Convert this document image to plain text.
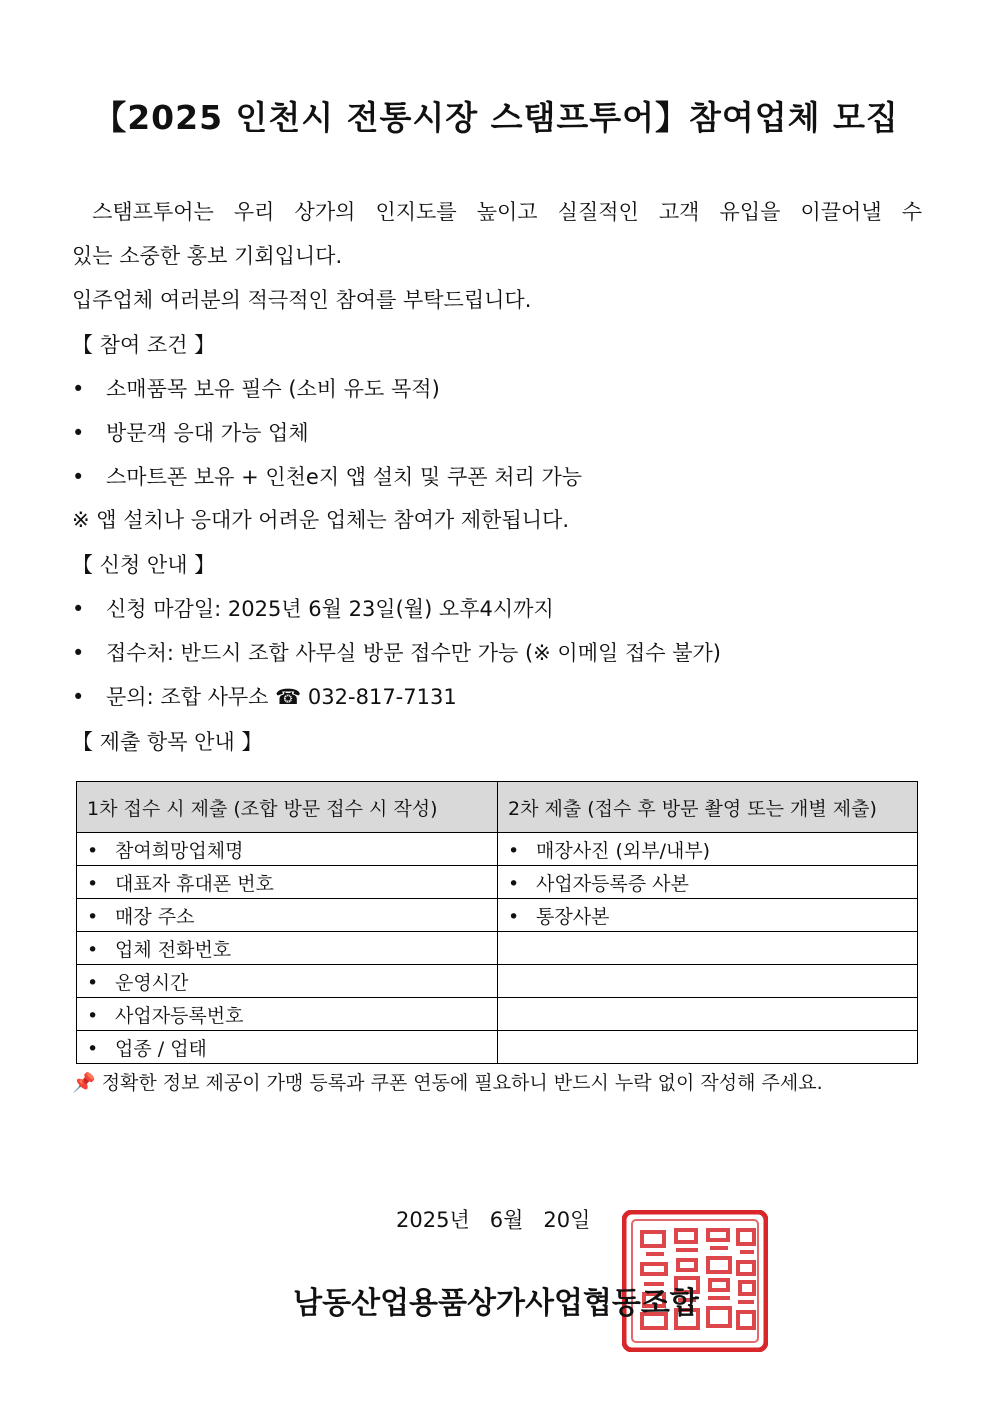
【2025 인천시 전통시장 스탬프투어】참여업체 모집
스탬프투어는 우리 상가의 인지도를 높이고 실질적인 고객 유입을 이끌어낼 수
있는 소중한 홍보 기회입니다.
입주업체 여러분의 적극적인 참여를 부탁드립니다.
【 참여 조건 】
• 소매품목 보유 필수 (소비 유도 목적)
• 방문객 응대 가능 업체
• 스마트폰 보유 + 인천e지 앱 설치 및 쿠폰 처리 가능
※ 앱 설치나 응대가 어려운 업체는 참여가 제한됩니다.
【 신청 안내 】
• 신청 마감일: 2025년 6월 23일(월) 오후4시까지
• 접수처: 반드시 조합 사무실 방문 접수만 가능 (※ 이메일 접수 불가)
• 문의: 조합 사무소 ☎ 032-817-7131
【 제출 항목 안내 】
1차 접수 시 제출 (조합 방문 접수 시 작성)	2차 제출 (접수 후 방문 촬영 또는 개별 제출)
• 참여희망업체명	• 매장사진 (외부/내부)
• 대표자 휴대폰 번호	• 사업자등록증 사본
• 매장 주소	• 통장사본
• 업체 전화번호	
• 운영시간	
• 사업자등록번호	
• 업종 / 업태	
📌 정확한 정보 제공이 가맹 등록과 쿠폰 연동에 필요하니 반드시 누락 없이 작성해 주세요.
2025년   6월   20일
남동산업용품상가사업협동조합
